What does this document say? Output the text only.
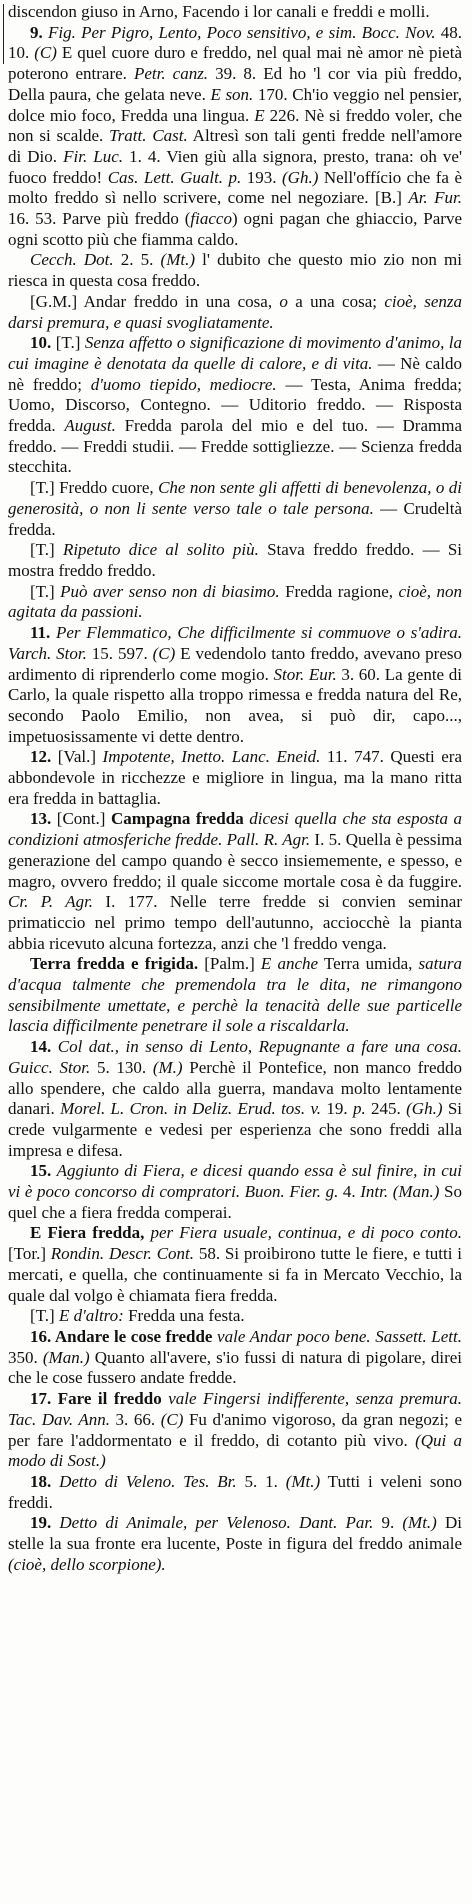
discendon giuso in Arno, Facendo i lor canali e freddi e molli.

9. Fig. Per Pigro, Lento, Poco sensitivo, e sim. Bocc. Nov. 48. 10. (C) E quel cuore duro e freddo, nel qual mai nè amor nè pietà poterono entrare. Petr. canz. 39. 8. Ed ho 'l cor via più freddo, Della paura, che gelata neve. E son. 170. Ch'io veggio nel pensier, dolce mio foco, Fredda una lingua. E 226. Nè si freddo voler, che non si scalde. Tratt. Cast. Altresì son tali genti fredde nell'amore di Dio. Fir. Luc. 1. 4. Vien giù alla signora, presto, trana: oh ve' fuoco freddo! Cas. Lett. Gualt. p. 193. (Gh.) Nell'offício che fa è molto freddo sì nello scrivere, come nel negoziare. [B.] Ar. Fur. 16. 53. Parve più freddo (fiacco) ogni pagan che ghiaccio, Parve ogni scotto più che fiamma caldo.

Cecch. Dot. 2. 5. (Mt.) l' dubito che questo mio zio non mi riesca in questa cosa freddo.

[G.M.] Andar freddo in una cosa, o a una cosa; cioè, senza darsi premura, e quasi svogliatamente.

10. [T.] Senza affetto o significazione di movimento d'animo, la cui imagine è denotata da quelle di calore, e di vita. — Nè caldo nè freddo; d'uomo tiepido, mediocre. — Testa, Anima fredda; Uomo, Discorso, Contegno. — Uditorio freddo. — Risposta fredda. August. Fredda parola del mio e del tuo. — Dramma freddo. — Freddi studii. — Fredde sottigliezze. — Scienza fredda stecchita.

[T.] Freddo cuore, Che non sente gli affetti di benevolenza, o di generosità, o non li sente verso tale o tale persona. — Crudeltà fredda.

[T.] Ripetuto dice al solito più. Stava freddo freddo. — Si mostra freddo freddo.

[T.] Può aver senso non di biasimo. Fredda ragione, cioè, non agitata da passioni.

11. Per Flemmatico, Che difficilmente si commuove o s'adira. Varch. Stor. 15. 597. (C) E vedendolo tanto freddo, avevano preso ardimento di riprenderlo come mogio. Stor. Eur. 3. 60. La gente di Carlo, la quale rispetto alla troppo rimessa e fredda natura del Re, secondo Paolo Emilio, non avea, si può dir, capo..., impetuosissamente vi dette dentro.

12. [Val.] Impotente, Inetto. Lanc. Eneid. 11. 747. Questi era abbondevole in ricchezze e migliore in lingua, ma la mano ritta era fredda in battaglia.

13. [Cont.] Campagna fredda dicesi quella che sta esposta a condizioni atmosferiche fredde. Pall. R. Agr. I. 5. Quella è pessima generazione del campo quando è secco insiememente, e spesso, e magro, ovvero freddo; il quale siccome mortale cosa è da fuggire. Cr. P. Agr. I. 177. Nelle terre fredde si convien seminar primaticcio nel primo tempo dell'autunno, acciocchè la pianta abbia ricevuto alcuna fortezza, anzi che 'l freddo venga.

Terra fredda e frigida. [Palm.] E anche Terra umida, satura d'acqua talmente che premendola tra le dita, ne rimangono sensibilmente umettate, e perchè la tenacità delle sue particelle lascia difficilmente penetrare il sole a riscaldarla.

14. Col dat., in senso di Lento, Repugnante a fare una cosa. Guicc. Stor. 5. 130. (M.) Perchè il Pontefice, non manco freddo allo spendere, che caldo alla guerra, mandava molto lentamente danari. Morel. L. Cron. in Deliz. Erud. tos. v. 19. p. 245. (Gh.) Si crede vulgarmente e vedesi per esperienza che sono freddi alla impresa e difesa.

15. Aggiunto di Fiera, e dicesi quando essa è sul finire, in cui vi è poco concorso di compratori. Buon. Fier. g. 4. Intr. (Man.) So quel che a fiera fredda comperai.

E Fiera fredda, per Fiera usuale, continua, e di poco conto. [Tor.] Rondin. Descr. Cont. 58. Si proibirono tutte le fiere, e tutti i mercati, e quella, che continuamente si fa in Mercato Vecchio, la quale dal volgo è chiamata fiera fredda.

[T.] E d'altro: Fredda una festa.

16. Andare le cose fredde vale Andar poco bene. Sassett. Lett. 350. (Man.) Quanto all'avere, s'io fussi di natura di pigolare, direi che le cose fussero andate fredde.

17. Fare il freddo vale Fingersi indifferente, senza premura. Tac. Dav. Ann. 3. 66. (C) Fu d'animo vigoroso, da gran negozi; e per fare l'addormentato e il freddo, di cotanto più vivo. (Qui a modo di Sost.)

18. Detto di Veleno. Tes. Br. 5. 1. (Mt.) Tutti i veleni sono freddi.

19. Detto di Animale, per Velenoso. Dant. Par. 9. (Mt.) Di stelle la sua fronte era lucente, Poste in figura del freddo animale (cioè, dello scorpione).
